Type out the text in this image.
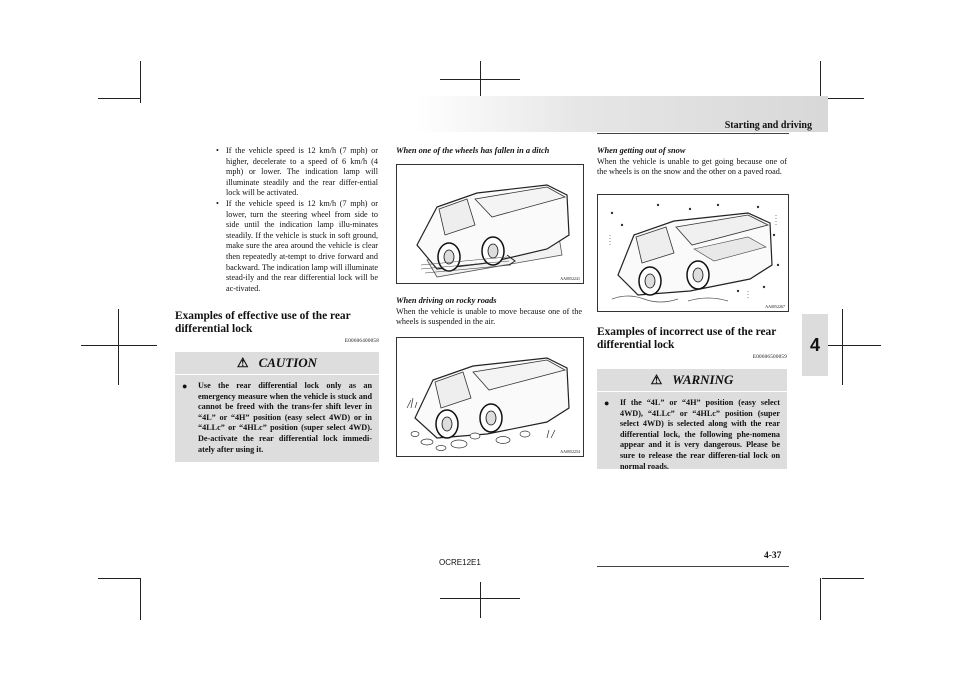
Starting and driving
4
• If the vehicle speed is 12 km/h (7 mph) or higher, decelerate to a speed of 6 km/h (4 mph) or lower. The indication lamp will illuminate steadily and the rear differ-ential lock will be activated.
• If the vehicle speed is 12 km/h (7 mph) or lower, turn the steering wheel from side to side until the indication lamp illu-minates steadily. If the vehicle is stuck in soft ground, make sure the area around the vehicle is clear then repeatedly at-tempt to drive forward and backward. The indication lamp will illuminate stead-ily and the rear differential lock will be ac-tivated.
Examples of effective use of the rear differential lock
E00606400058
⚠ CAUTION
●	Use the rear differential lock only as an emergency measure when the vehicle is stuck and cannot be freed with the trans-fer shift lever in “4L” or “4H” position (easy select 4WD) or in “4LLc” or “4HLc” position (super select 4WD). De-activate the rear differential lock immedi-ately after using it.
When one of the wheels has fallen in a ditch
AA0052241
When driving on rocky roads
When the vehicle is unable to move because one of the wheels is suspended in the air.
AA0052254
When getting out of snow
When the vehicle is unable to get going because one of the wheels is on the snow and the other on a paved road.
AA0052267
Examples of incorrect use of the rear differential lock
E00606500059
⚠ WARNING
●	If the “4L” or “4H” position (easy select 4WD), “4LLc” or “4HLc” position (super select 4WD) is selected along with the rear differential lock, the following phe-nomena appear and it is very dangerous. Please be sure to release the rear differen-tial lock on normal roads.
OCRE12E1
4-37
